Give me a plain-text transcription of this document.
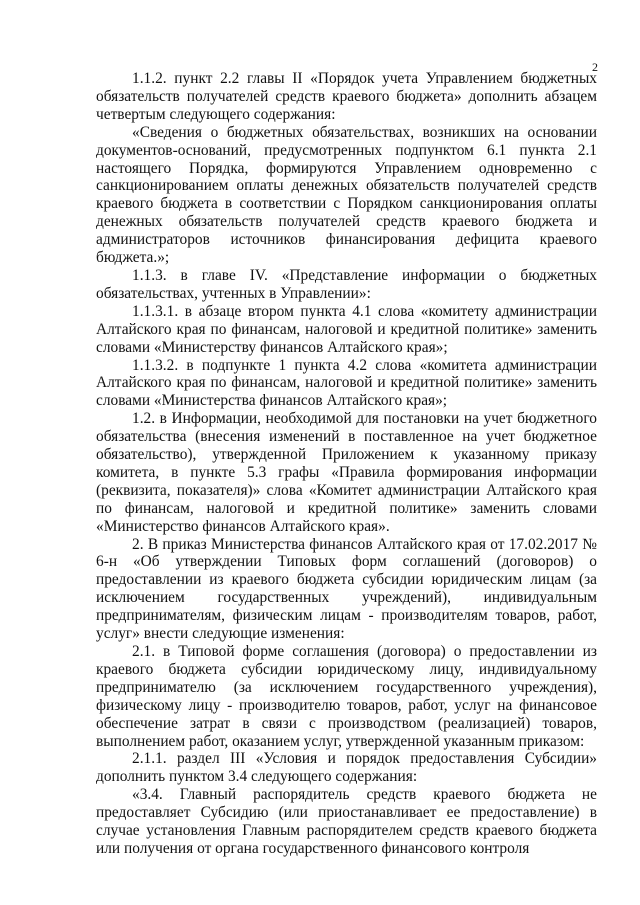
2

1.1.2. пункт 2.2 главы II «Порядок учета Управлением бюджетных обязательств получателей средств краевого бюджета» дополнить абзацем четвертым следующего содержания:

«Сведения о бюджетных обязательствах, возникших на основании документов-оснований, предусмотренных подпунктом 6.1 пункта 2.1 настоящего Порядка, формируются Управлением одновременно с санкционированием оплаты денежных обязательств получателей средств краевого бюджета в соответствии с Порядком санкционирования оплаты денежных обязательств получателей средств краевого бюджета и администраторов источников финансирования дефицита краевого бюджета.»;

1.1.3. в главе IV. «Представление информации о бюджетных обязательствах, учтенных в Управлении»:

1.1.3.1. в абзаце втором пункта 4.1 слова «комитету администрации Алтайского края по финансам, налоговой и кредитной политике» заменить словами «Министерству финансов Алтайского края»;

1.1.3.2. в подпункте 1 пункта 4.2 слова «комитета администрации Алтайского края по финансам, налоговой и кредитной политике» заменить словами «Министерства финансов Алтайского края»;

1.2. в Информации, необходимой для постановки на учет бюджетного обязательства (внесения изменений в поставленное на учет бюджетное обязательство), утвержденной Приложением к указанному приказу комитета, в пункте 5.3 графы «Правила формирования информации (реквизита, показателя)» слова «Комитет администрации Алтайского края по финансам, налоговой и кредитной политике» заменить словами «Министерство финансов Алтайского края».

2. В приказ Министерства финансов Алтайского края от 17.02.2017 № 6-н «Об утверждении Типовых форм соглашений (договоров) о предоставлении из краевого бюджета субсидии юридическим лицам (за исключением государственных учреждений), индивидуальным предпринимателям, физическим лицам - производителям товаров, работ, услуг» внести следующие изменения:

2.1. в Типовой форме соглашения (договора) о предоставлении из краевого бюджета субсидии юридическому лицу, индивидуальному предпринимателю (за исключением государственного учреждения), физическому лицу - производителю товаров, работ, услуг на финансовое обеспечение затрат в связи с производством (реализацией) товаров, выполнением работ, оказанием услуг, утвержденной указанным приказом:

2.1.1. раздел III «Условия и порядок предоставления Субсидии» дополнить пунктом 3.4 следующего содержания:

«3.4. Главный распорядитель средств краевого бюджета не предоставляет Субсидию (или приостанавливает ее предоставление) в случае установления Главным распорядителем средств краевого бюджета или получения от органа государственного финансового контроля
